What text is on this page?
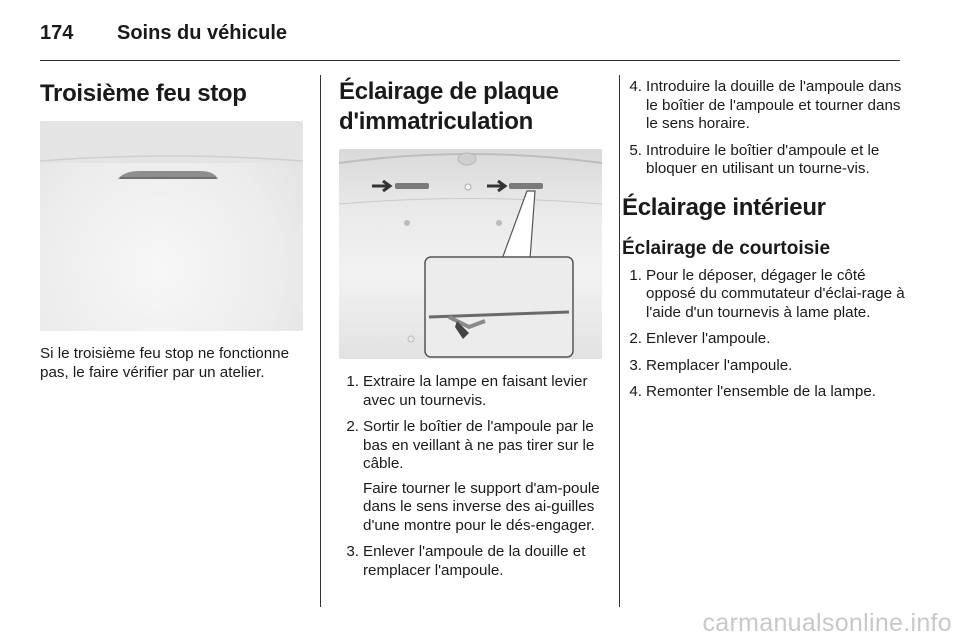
174 Soins du véhicule
Troisième feu stop

Si le troisième feu stop ne fonctionne pas, le faire vérifier par un atelier.

Éclairage de plaque
d'immatriculation
1. Extraire la lampe en faisant levier avec un tournevis.
2. Sortir le boîtier de l'ampoule par le bas en veillant à ne pas tirer sur le câble.
Faire tourner le support d'am-poule dans le sens inverse des ai-guilles d'une montre pour le dés-engager.
3. Enlever l'ampoule de la douille et remplacer l'ampoule.
4. Introduire la douille de l'ampoule dans le boîtier de l'ampoule et tourner dans le sens horaire.
5. Introduire le boîtier d'ampoule et le bloquer en utilisant un tourne-vis.
Éclairage intérieur
Éclairage de courtoisie
1. Pour le déposer, dégager le côté opposé du commutateur d'éclai-rage à l'aide d'un tournevis à lame plate.
2. Enlever l'ampoule.
3. Remplacer l'ampoule.
4. Remonter l'ensemble de la lampe.
carmanualsonline.info
